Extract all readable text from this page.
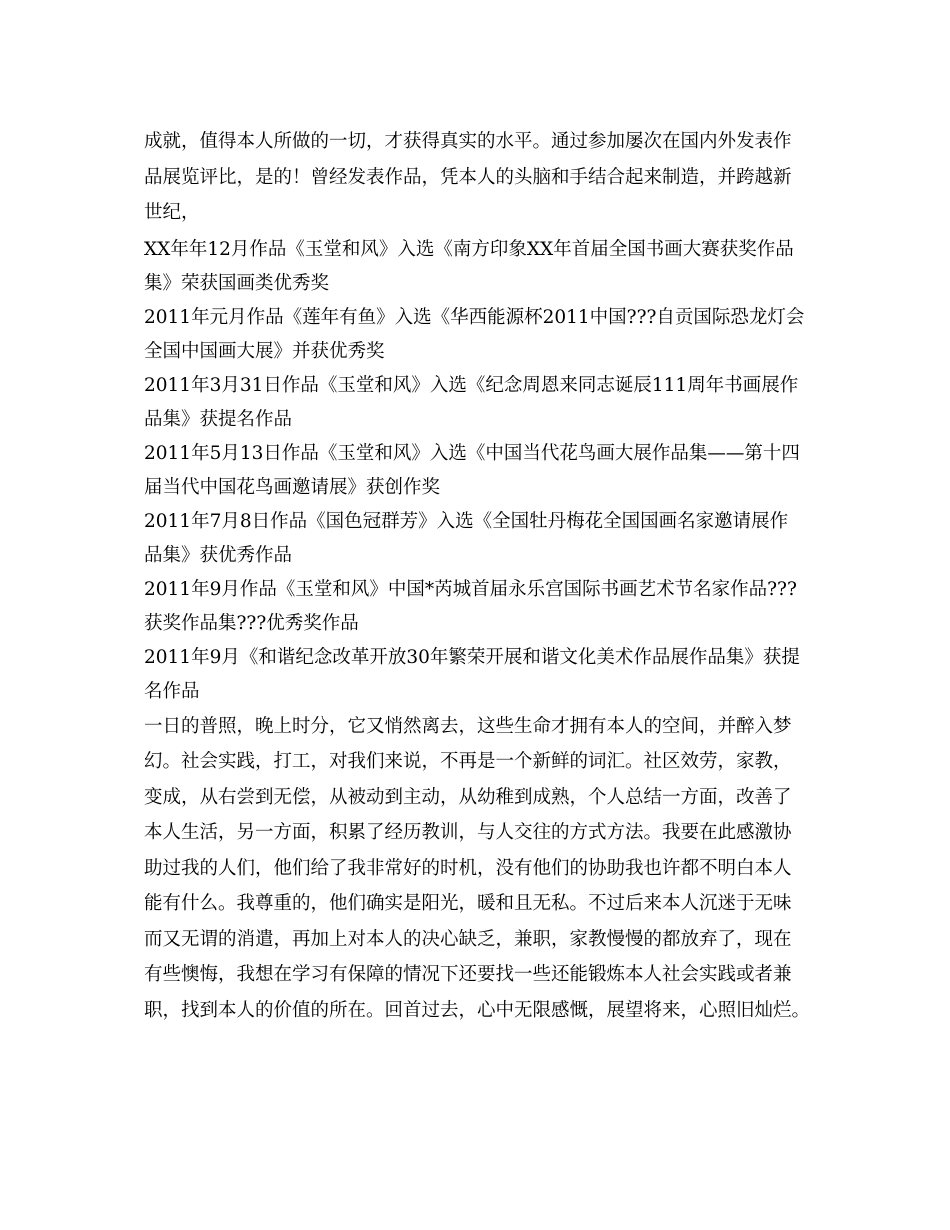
成就，值得本人所做的一切，才获得真实的水平。通过参加屡次在国内外发表作
品展览评比，是的！曾经发表作品，凭本人的头脑和手结合起来制造，并跨越新
世纪，
XX年年12月作品《玉堂和风》入选《南方印象XX年首届全国书画大赛获奖作品
集》荣获国画类优秀奖
2011年元月作品《莲年有鱼》入选《华西能源杯2011中国???自贡国际恐龙灯会
全国中国画大展》并获优秀奖
2011年3月31日作品《玉堂和风》入选《纪念周恩来同志诞辰111周年书画展作
品集》获提名作品
2011年5月13日作品《玉堂和风》入选《中国当代花鸟画大展作品集——第十四
届当代中国花鸟画邀请展》获创作奖
2011年7月8日作品《国色冠群芳》入选《全国牡丹梅花全国国画名家邀请展作
品集》获优秀作品
2011年9月作品《玉堂和风》中国*芮城首届永乐宫国际书画艺术节名家作品???
获奖作品集???优秀奖作品
2011年9月《和谐纪念改革开放30年繁荣开展和谐文化美术作品展作品集》获提
名作品
一日的普照，晚上时分，它又悄然离去，这些生命才拥有本人的空间，并醉入梦
幻。社会实践，打工，对我们来说，不再是一个新鲜的词汇。社区效劳，家教，
变成，从右尝到无偿，从被动到主动，从幼稚到成熟，个人总结一方面，改善了
本人生活，另一方面，积累了经历教训，与人交往的方式方法。我要在此感激协
助过我的人们，他们给了我非常好的时机，没有他们的协助我也许都不明白本人
能有什么。我尊重的，他们确实是阳光，暖和且无私。不过后来本人沉迷于无味
而又无谓的消遣，再加上对本人的决心缺乏，兼职，家教慢慢的都放弃了，现在
有些懊悔，我想在学习有保障的情况下还要找一些还能锻炼本人社会实践或者兼
职，找到本人的价值的所在。回首过去，心中无限感慨，展望将来，心照旧灿烂。
